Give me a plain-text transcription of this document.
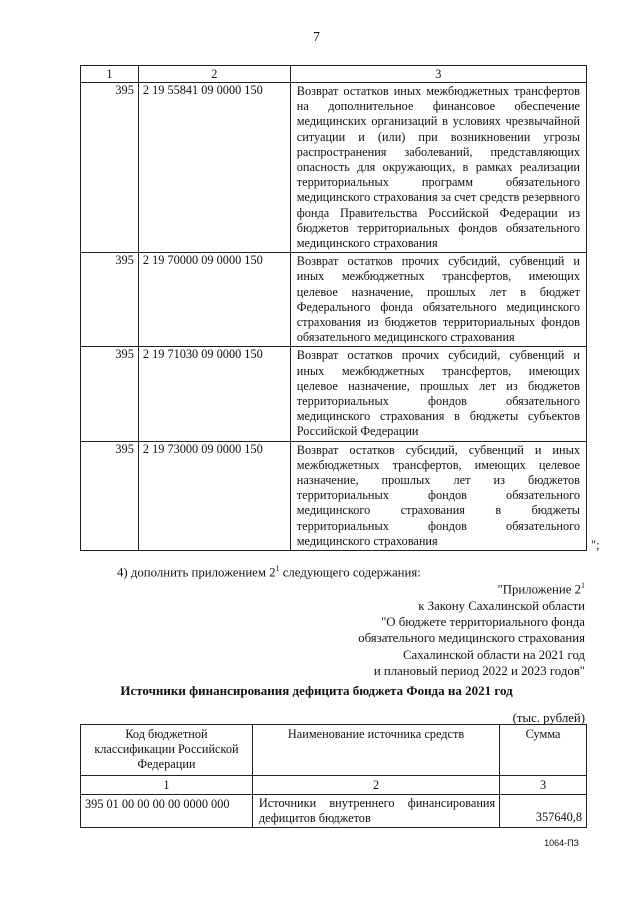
7
1	2	3
395	2 19 55841 09 0000 150	Возврат остатков иных межбюджетных трансфертов на дополнительное финансовое обеспечение медицинских организаций в условиях чрезвычайной ситуации и (или) при возникновении угрозы распространения заболеваний, представляющих опасность для окружающих, в рамках реализации территориальных программ обязательного медицинского страхования за счет средств резервного фонда Правительства Российской Федерации из бюджетов территориальных фондов обязательного медицинского страхования
395	2 19 70000 09 0000 150	Возврат остатков прочих субсидий, субвенций и иных межбюджетных трансфертов, имеющих целевое назначение, прошлых лет в бюджет Федерального фонда обязательного медицинского страхования из бюджетов территориальных фондов обязательного медицинского страхования
395	2 19 71030 09 0000 150	Возврат остатков прочих субсидий, субвенций и иных межбюджетных трансфертов, имеющих целевое назначение, прошлых лет из бюджетов территориальных фондов обязательного медицинского страхования в бюджеты субъектов Российской Федерации
395	2 19 73000 09 0000 150	Возврат остатков субсидий, субвенций и иных межбюджетных трансфертов, имеющих целевое назначение, прошлых лет из бюджетов территориальных фондов обязательного медицинского страхования в бюджеты территориальных фондов обязательного медицинского страхования	";
4) дополнить приложением $2^1$ следующего содержания:
"Приложение $2^1$
к Закону Сахалинской области
"О бюджете территориального фонда
обязательного медицинского страхования
Сахалинской области на 2021 год
и плановый период 2022 и 2023 годов"
Источники финансирования дефицита бюджета Фонда на 2021 год
(тыс. рублей)
Код бюджетной классификации Российской Федерации	Наименование источника средств	Сумма
1	2	3
395 01 00 00 00 00 0000 000	Источники внутреннего финансирования дефицитов бюджетов	357640,8
1064-ПЗ
